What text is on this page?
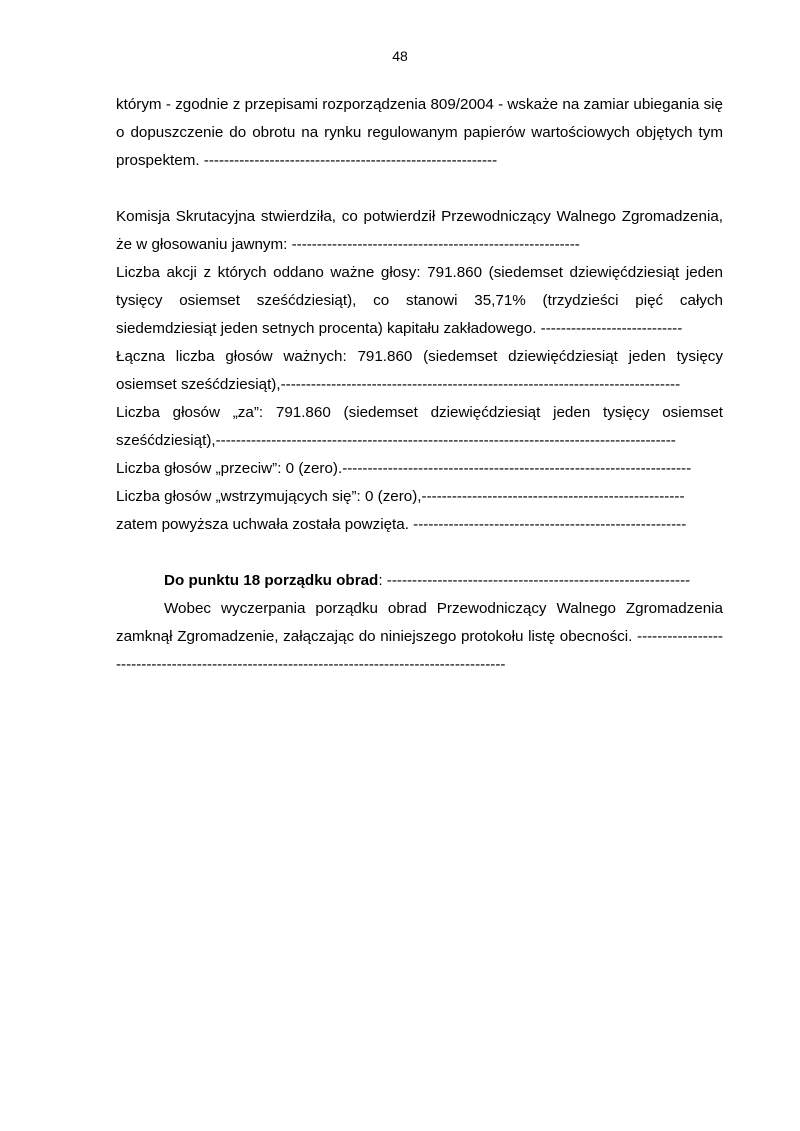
48

którym - zgodnie z przepisami rozporządzenia 809/2004 - wskaże na zamiar ubiegania się o dopuszczenie do obrotu na rynku regulowanym papierów wartościowych objętych tym prospektem. ----------------------------------------------------------

Komisja Skrutacyjna stwierdziła, co potwierdził Przewodniczący Walnego Zgromadzenia, że w głosowaniu jawnym: ---------------------------------------------------------

Liczba akcji z których oddano ważne głosy: 791.860 (siedemset dziewięćdziesiąt jeden tysięcy osiemset sześćdziesiąt), co stanowi 35,71% (trzydzieści pięć całych siedemdziesiąt jeden setnych procenta) kapitału zakładowego. ----------------------------

Łączna liczba głosów ważnych: 791.860 (siedemset dziewięćdziesiąt jeden tysięcy osiemset sześćdziesiąt),-------------------------------------------------------------------------------

Liczba głosów „za”: 791.860 (siedemset dziewięćdziesiąt jeden tysięcy osiemset sześćdziesiąt),-------------------------------------------------------------------------------------------

Liczba głosów „przeciw”: 0 (zero).---------------------------------------------------------------------

Liczba głosów „wstrzymujących się”: 0 (zero),----------------------------------------------------

zatem powyższa uchwała została powzięta. ------------------------------------------------------

Do punktu 18 porządku obrad: ------------------------------------------------------------

Wobec wyczerpania porządku obrad Przewodniczący Walnego Zgromadzenia zamknął Zgromadzenie, załączając do niniejszego protokołu listę obecności. ----------------------------------------------------------------------------------------------
